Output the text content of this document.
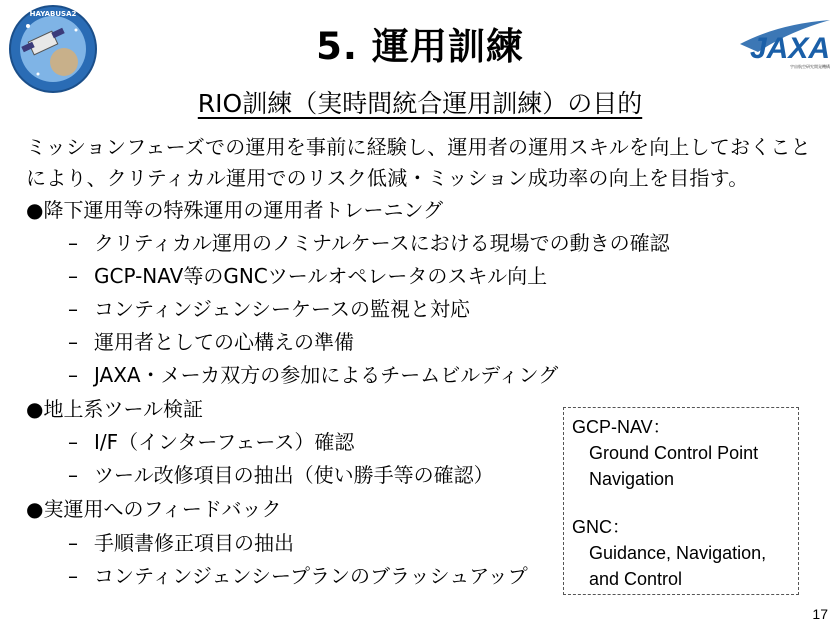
HAYABUSA2
JAXA
宇宙航空研究開発機構
5. 運用訓練
RIO訓練（実時間統合運用訓練）の目的
ミッションフェーズでの運用を事前に経験し、運用者の運用スキルを向上しておくことにより、クリティカル運用でのリスク低減・ミッション成功率の向上を目指す。
●降下運用等の特殊運用の運用者トレーニング
– クリティカル運用のノミナルケースにおける現場での動きの確認
– GCP-NAV等のGNCツールオペレータのスキル向上
– コンティンジェンシーケースの監視と対応
– 運用者としての心構えの準備
– JAXA・メーカ双方の参加によるチームビルディング
●地上系ツール検証
– I/F（インターフェース）確認
– ツール改修項目の抽出（使い勝手等の確認）
●実運用へのフィードバック
– 手順書修正項目の抽出
– コンティンジェンシープランのブラッシュアップ
GCP-NAV：
Ground Control Point
Navigation
GNC：
Guidance, Navigation,
and Control
17
